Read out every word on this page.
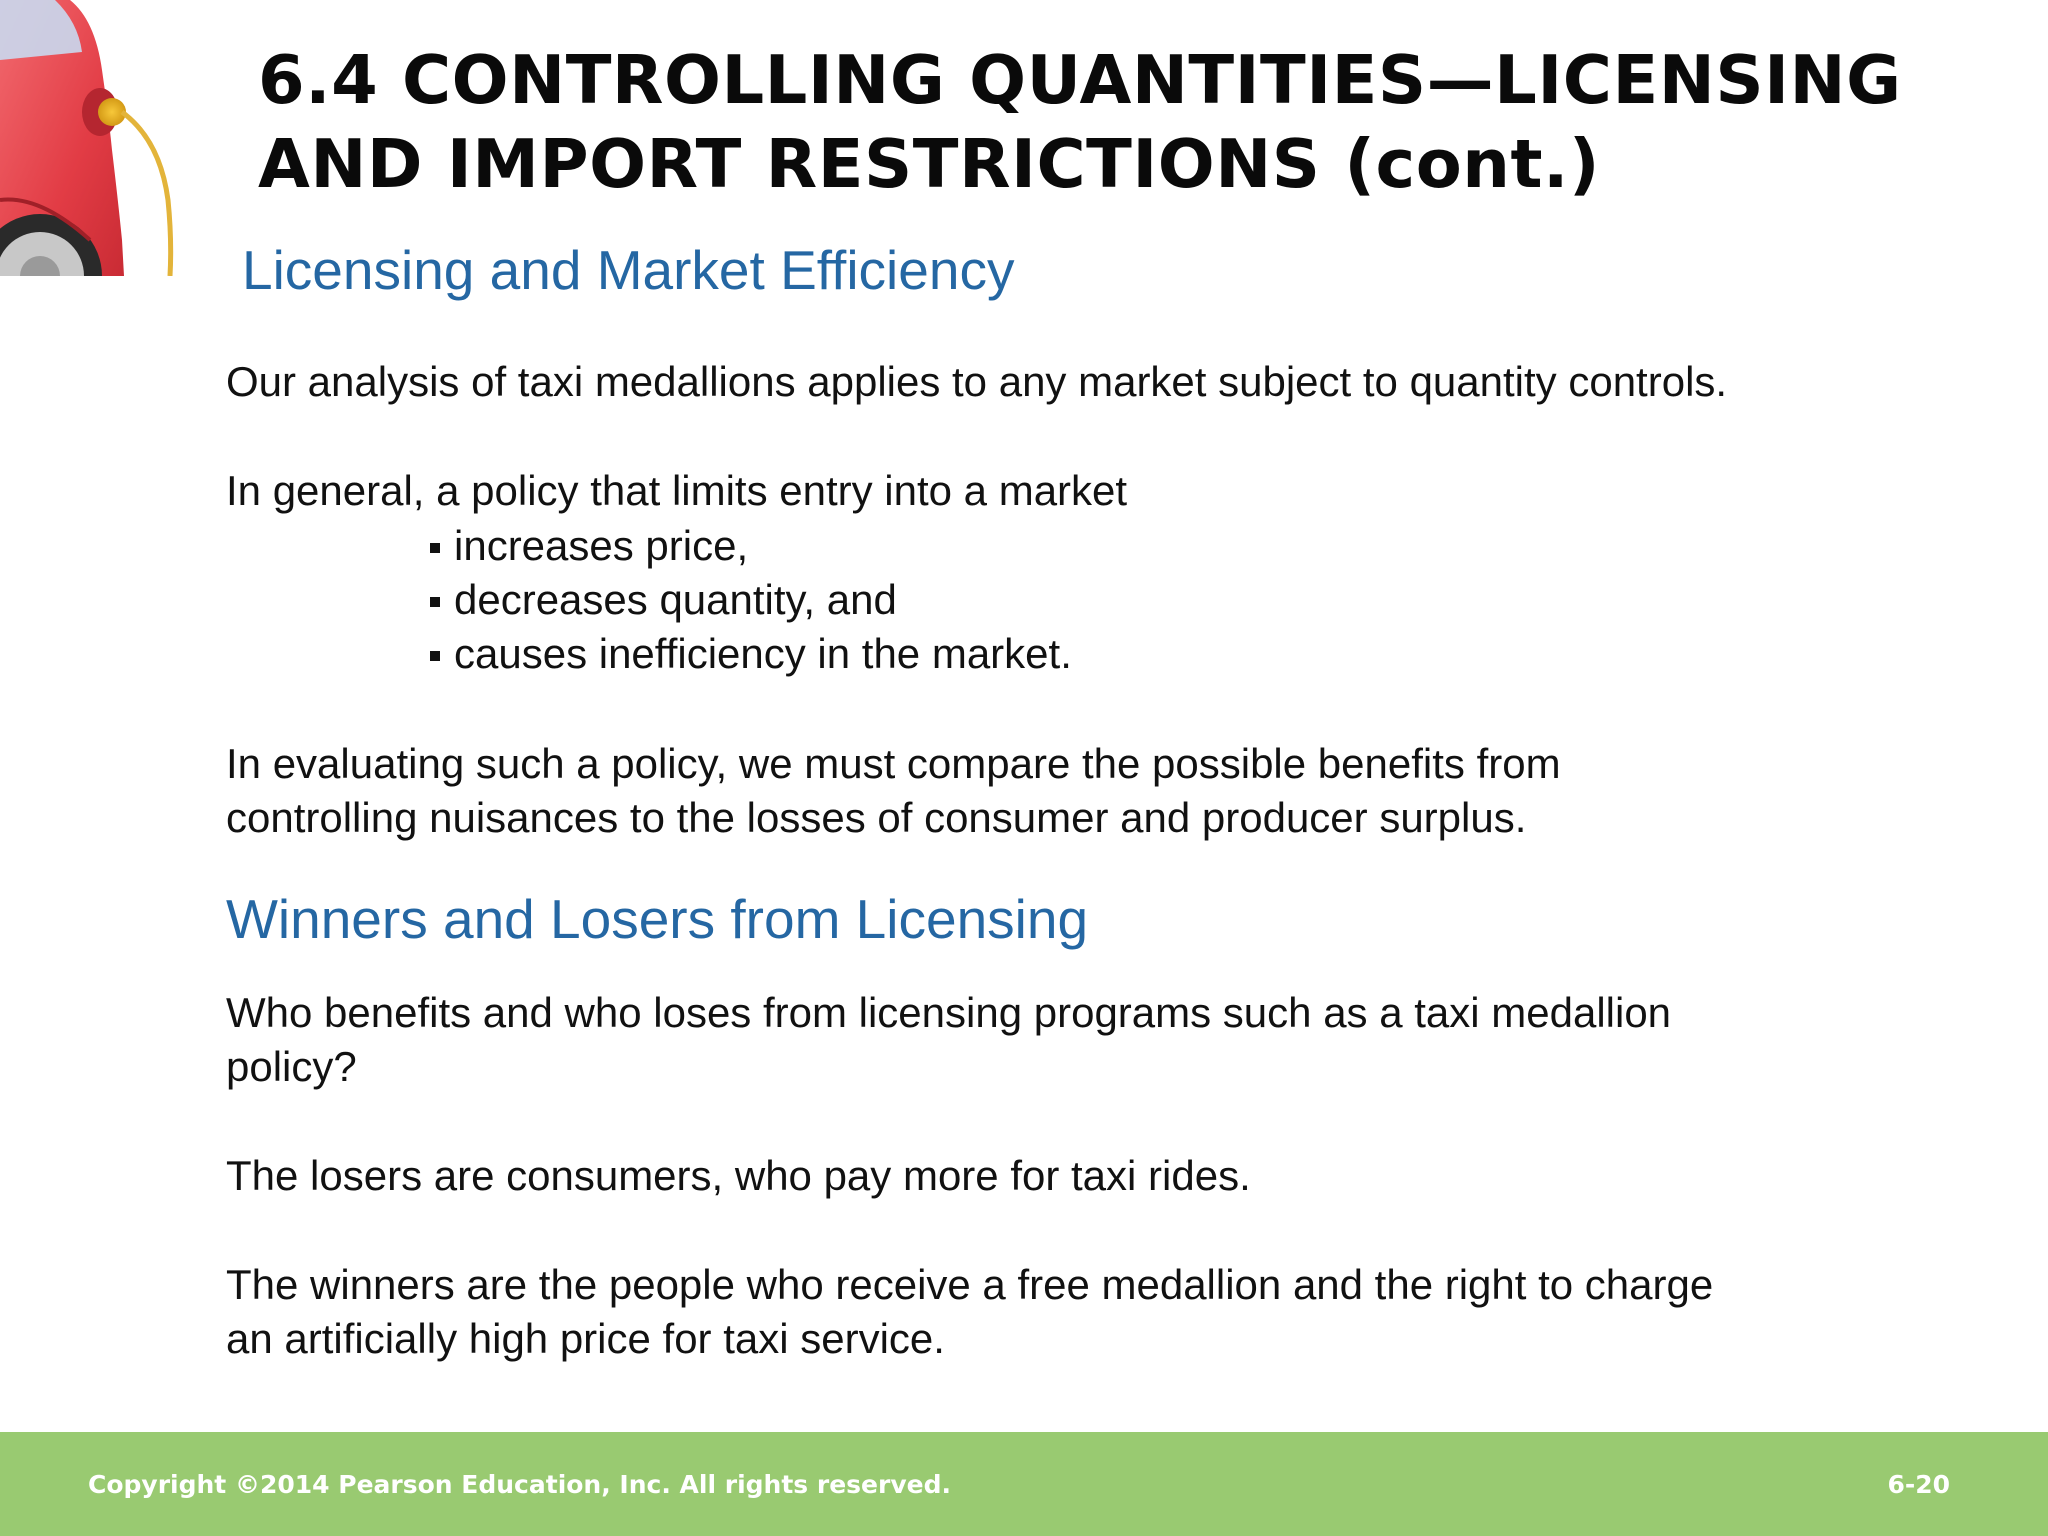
6.4 CONTROLLING QUANTITIES—LICENSING
AND IMPORT RESTRICTIONS (cont.)
Licensing and Market Efficiency

Our analysis of taxi medallions applies to any market subject to quantity controls.

In general, a policy that limits entry into a market

increases price,
decreases quantity, and
causes inefficiency in the market.

In evaluating such a policy, we must compare the possible benefits from
controlling nuisances to the losses of consumer and producer surplus.

Winners and Losers from Licensing

Who benefits and who loses from licensing programs such as a taxi medallion
policy?

The losers are consumers, who pay more for taxi rides.

The winners are the people who receive a free medallion and the right to charge
an artificially high price for taxi service.

Copyright ©2014 Pearson Education, Inc. All rights reserved.	6-20
